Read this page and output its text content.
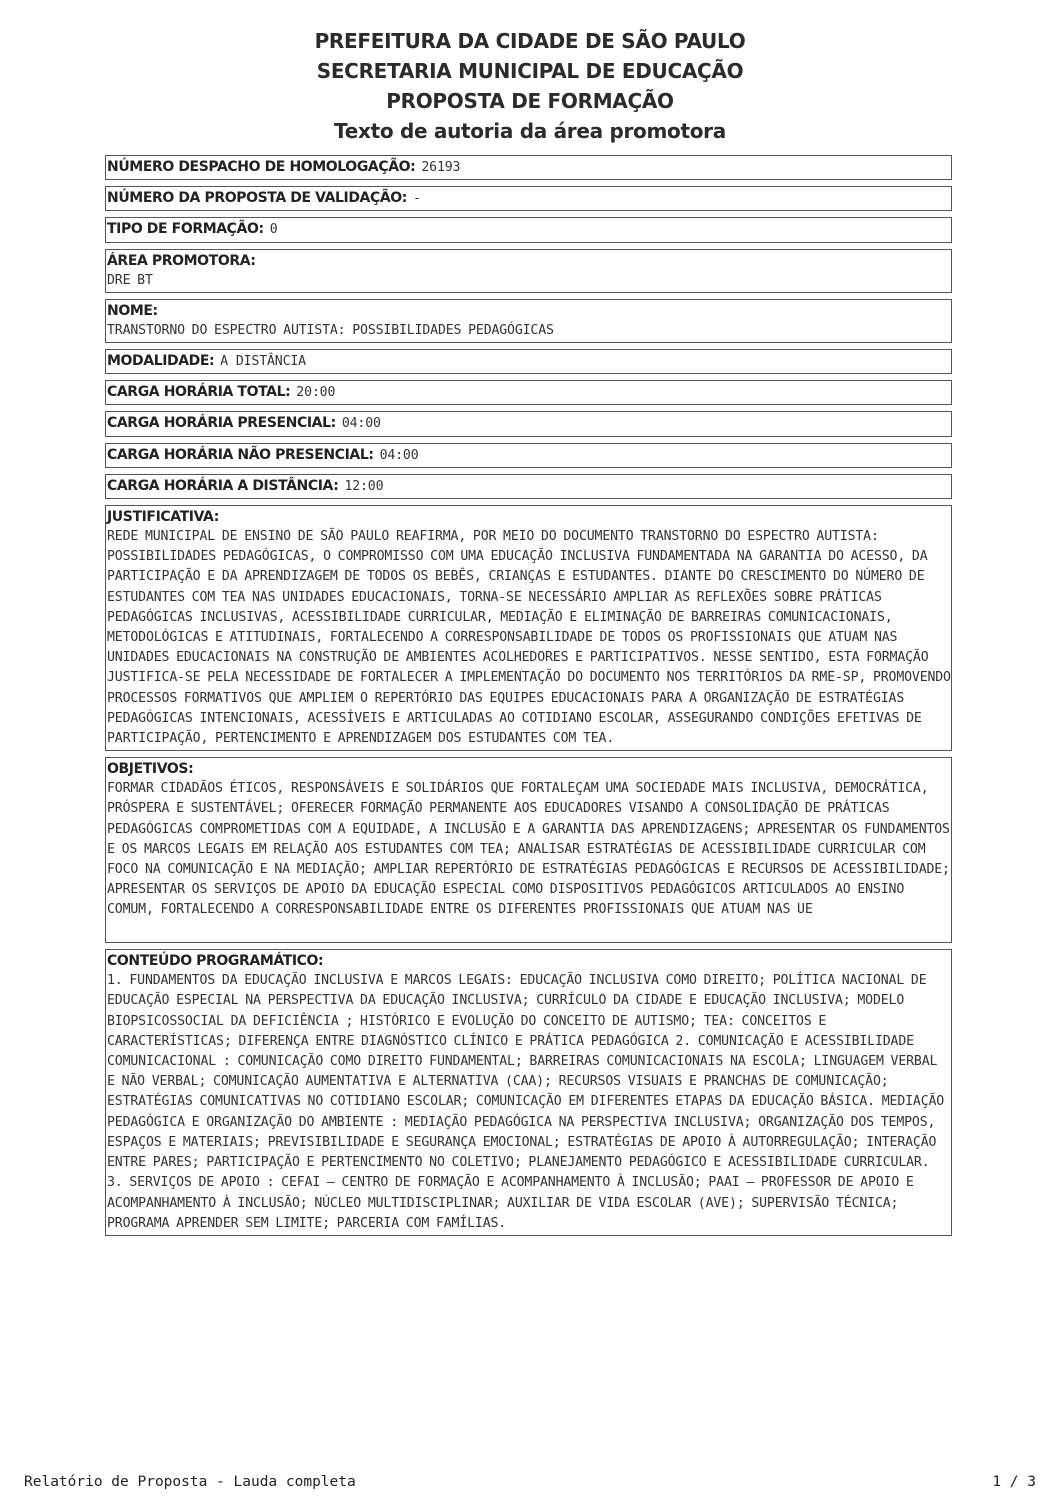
PREFEITURA DA CIDADE DE SÃO PAULO
SECRETARIA MUNICIPAL DE EDUCAÇÃO
PROPOSTA DE FORMAÇÃO
Texto de autoria da área promotora
NÚMERO DESPACHO DE HOMOLOGAÇÃO: 26193
NÚMERO DA PROPOSTA DE VALIDAÇÃO: -
TIPO DE FORMAÇÃO: 0
ÁREA PROMOTORA:
DRE BT
NOME:
TRANSTORNO DO ESPECTRO AUTISTA: POSSIBILIDADES PEDAGÓGICAS
MODALIDADE: A DISTÂNCIA
CARGA HORÁRIA TOTAL: 20:00
CARGA HORÁRIA PRESENCIAL: 04:00
CARGA HORÁRIA NÃO PRESENCIAL: 04:00
CARGA HORÁRIA A DISTÂNCIA: 12:00
JUSTIFICATIVA:
REDE MUNICIPAL DE ENSINO DE SÃO PAULO REAFIRMA, POR MEIO DO DOCUMENTO TRANSTORNO DO ESPECTRO AUTISTA: POSSIBILIDADES PEDAGÓGICAS, O COMPROMISSO COM UMA EDUCAÇÃO INCLUSIVA FUNDAMENTADA NA GARANTIA DO ACESSO, DA PARTICIPAÇÃO E DA APRENDIZAGEM DE TODOS OS BEBÊS, CRIANÇAS E ESTUDANTES. DIANTE DO CRESCIMENTO DO NÚMERO DE ESTUDANTES COM TEA NAS UNIDADES EDUCACIONAIS, TORNA-SE NECESSÁRIO AMPLIAR AS REFLEXÕES SOBRE PRÁTICAS PEDAGÓGICAS INCLUSIVAS, ACESSIBILIDADE CURRICULAR, MEDIAÇÃO E ELIMINAÇÃO DE BARREIRAS COMUNICACIONAIS, METODOLÓGICAS E ATITUDINAIS, FORTALECENDO A CORRESPONSABILIDADE DE TODOS OS PROFISSIONAIS QUE ATUAM NAS UNIDADES EDUCACIONAIS NA CONSTRUÇÃO DE AMBIENTES ACOLHEDORES E PARTICIPATIVOS. NESSE SENTIDO, ESTA FORMAÇÃO JUSTIFICA-SE PELA NECESSIDADE DE FORTALECER A IMPLEMENTAÇÃO DO DOCUMENTO NOS TERRITÓRIOS DA RME-SP, PROMOVENDO PROCESSOS FORMATIVOS QUE AMPLIEM O REPERTÓRIO DAS EQUIPES EDUCACIONAIS PARA A ORGANIZAÇÃO DE ESTRATÉGIAS PEDAGÓGICAS INTENCIONAIS, ACESSÍVEIS E ARTICULADAS AO COTIDIANO ESCOLAR, ASSEGURANDO CONDIÇÕES EFETIVAS DE PARTICIPAÇÃO, PERTENCIMENTO E APRENDIZAGEM DOS ESTUDANTES COM TEA.
OBJETIVOS:
FORMAR CIDADÃOS ÉTICOS, RESPONSÁVEIS E SOLIDÁRIOS QUE FORTALEÇAM UMA SOCIEDADE MAIS INCLUSIVA, DEMOCRÁTICA, PRÓSPERA E SUSTENTÁVEL; OFERECER FORMAÇÃO PERMANENTE AOS EDUCADORES VISANDO A CONSOLIDAÇÃO DE PRÁTICAS PEDAGÓGICAS COMPROMETIDAS COM A EQUIDADE, A INCLUSÃO E A GARANTIA DAS APRENDIZAGENS; APRESENTAR OS FUNDAMENTOS E OS MARCOS LEGAIS EM RELAÇÃO AOS ESTUDANTES COM TEA; ANALISAR ESTRATÉGIAS DE ACESSIBILIDADE CURRICULAR COM FOCO NA COMUNICAÇÃO E NA MEDIAÇÃO; AMPLIAR REPERTÓRIO DE ESTRATÉGIAS PEDAGÓGICAS E RECURSOS DE ACESSIBILIDADE; APRESENTAR OS SERVIÇOS DE APOIO DA EDUCAÇÃO ESPECIAL COMO DISPOSITIVOS PEDAGÓGICOS ARTICULADOS AO ENSINO COMUM, FORTALECENDO A CORRESPONSABILIDADE ENTRE OS DIFERENTES PROFISSIONAIS QUE ATUAM NAS UE
CONTEÚDO PROGRAMÁTICO:
1. FUNDAMENTOS DA EDUCAÇÃO INCLUSIVA E MARCOS LEGAIS: EDUCAÇÃO INCLUSIVA COMO DIREITO; POLÍTICA NACIONAL DE EDUCAÇÃO ESPECIAL NA PERSPECTIVA DA EDUCAÇÃO INCLUSIVA; CURRÍCULO DA CIDADE E EDUCAÇÃO INCLUSIVA; MODELO BIOPSICOSSOCIAL DA DEFICIÊNCIA ; HISTÓRICO E EVOLUÇÃO DO CONCEITO DE AUTISMO; TEA: CONCEITOS E CARACTERÍSTICAS; DIFERENÇA ENTRE DIAGNÓSTICO CLÍNICO E PRÁTICA PEDAGÓGICA 2. COMUNICAÇÃO E ACESSIBILIDADE COMUNICACIONAL : COMUNICAÇÃO COMO DIREITO FUNDAMENTAL; BARREIRAS COMUNICACIONAIS NA ESCOLA; LINGUAGEM VERBAL E NÃO VERBAL; COMUNICAÇÃO AUMENTATIVA E ALTERNATIVA (CAA); RECURSOS VISUAIS E PRANCHAS DE COMUNICAÇÃO; ESTRATÉGIAS COMUNICATIVAS NO COTIDIANO ESCOLAR; COMUNICAÇÃO EM DIFERENTES ETAPAS DA EDUCAÇÃO BÁSICA. MEDIAÇÃO PEDAGÓGICA E ORGANIZAÇÃO DO AMBIENTE : MEDIAÇÃO PEDAGÓGICA NA PERSPECTIVA INCLUSIVA; ORGANIZAÇÃO DOS TEMPOS, ESPAÇOS E MATERIAIS; PREVISIBILIDADE E SEGURANÇA EMOCIONAL; ESTRATÉGIAS DE APOIO À AUTORREGULAÇÃO; INTERAÇÃO ENTRE PARES; PARTICIPAÇÃO E PERTENCIMENTO NO COLETIVO; PLANEJAMENTO PEDAGÓGICO E ACESSIBILIDADE CURRICULAR. 3. SERVIÇOS DE APOIO : CEFAI — CENTRO DE FORMAÇÃO E ACOMPANHAMENTO À INCLUSÃO; PAAI — PROFESSOR DE APOIO E ACOMPANHAMENTO À INCLUSÃO; NÚCLEO MULTIDISCIPLINAR; AUXILIAR DE VIDA ESCOLAR (AVE); SUPERVISÃO TÉCNICA; PROGRAMA APRENDER SEM LIMITE; PARCERIA COM FAMÍLIAS.
Relatório de Proposta - Lauda completa	1 / 3
